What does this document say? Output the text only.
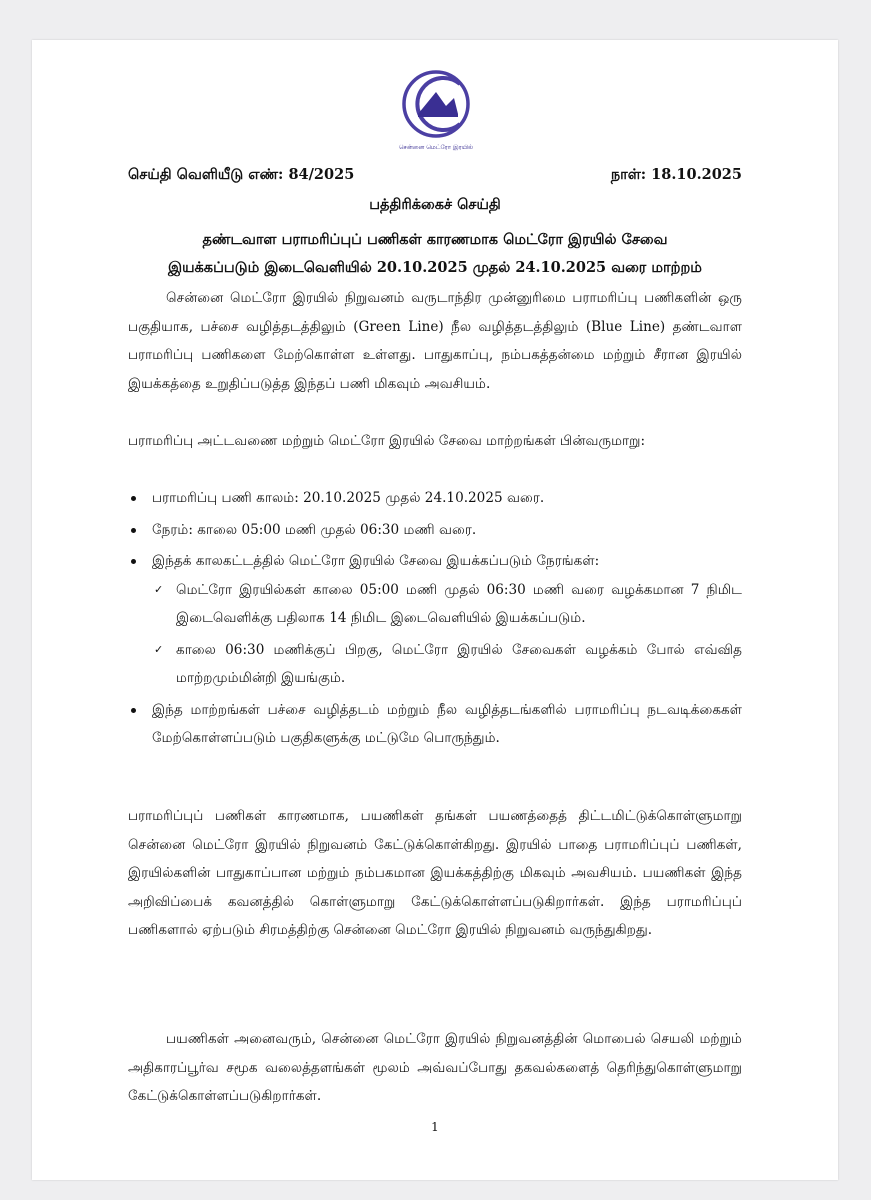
சென்னை மெட்ரோ இரயில்
செய்தி வெளியீடு எண்: 84/2025	நாள்: 18.10.2025
பத்திரிக்கைச் செய்தி
தண்டவாள பராமரிப்புப் பணிகள் காரணமாக மெட்ரோ இரயில் சேவை
இயக்கப்படும் இடைவெளியில் 20.10.2025 முதல் 24.10.2025 வரை மாற்றம்

சென்னை மெட்ரோ இரயில் நிறுவனம் வருடாந்திர முன்னுரிமை பராமரிப்பு பணிகளின் ஒரு பகுதியாக, பச்சை வழித்தடத்திலும் (Green Line) நீல வழித்தடத்திலும் (Blue Line) தண்டவாள பராமரிப்பு பணிகளை மேற்கொள்ள உள்ளது. பாதுகாப்பு, நம்பகத்தன்மை மற்றும் சீரான இரயில் இயக்கத்தை உறுதிப்படுத்த இந்தப் பணி மிகவும் அவசியம்.

பராமரிப்பு அட்டவணை மற்றும் மெட்ரோ இரயில் சேவை மாற்றங்கள் பின்வருமாறு:

பராமரிப்பு பணி காலம்: 20.10.2025 முதல் 24.10.2025 வரை.
நேரம்: காலை 05:00 மணி முதல் 06:30 மணி வரை.
இந்தக் காலகட்டத்தில் மெட்ரோ இரயில் சேவை இயக்கப்படும் நேரங்கள்:
✓ மெட்ரோ இரயில்கள் காலை 05:00 மணி முதல் 06:30 மணி வரை வழக்கமான 7 நிமிட இடைவெளிக்கு பதிலாக 14 நிமிட இடைவெளியில் இயக்கப்படும்.
✓ காலை 06:30 மணிக்குப் பிறகு, மெட்ரோ இரயில் சேவைகள் வழக்கம் போல் எவ்வித மாற்றமும்மின்றி இயங்கும்.
இந்த மாற்றங்கள் பச்சை வழித்தடம் மற்றும் நீல வழித்தடங்களில் பராமரிப்பு நடவடிக்கைகள் மேற்கொள்ளப்படும் பகுதிகளுக்கு மட்டுமே பொருந்தும்.

பராமரிப்புப் பணிகள் காரணமாக, பயணிகள் தங்கள் பயணத்தைத் திட்டமிட்டுக்கொள்ளுமாறு சென்னை மெட்ரோ இரயில் நிறுவனம் கேட்டுக்கொள்கிறது. இரயில் பாதை பராமரிப்புப் பணிகள், இரயில்களின் பாதுகாப்பான மற்றும் நம்பகமான இயக்கத்திற்கு மிகவும் அவசியம். பயணிகள் இந்த அறிவிப்பைக் கவனத்தில் கொள்ளுமாறு கேட்டுக்கொள்ளப்படுகிறார்கள். இந்த பராமரிப்புப் பணிகளால் ஏற்படும் சிரமத்திற்கு சென்னை மெட்ரோ இரயில் நிறுவனம் வருந்துகிறது.

பயணிகள் அனைவரும், சென்னை மெட்ரோ இரயில் நிறுவனத்தின் மொபைல் செயலி மற்றும் அதிகாரப்பூர்வ சமூக வலைத்தளங்கள் மூலம் அவ்வப்போது தகவல்களைத் தெரிந்துகொள்ளுமாறு கேட்டுக்கொள்ளப்படுகிறார்கள்.

1
